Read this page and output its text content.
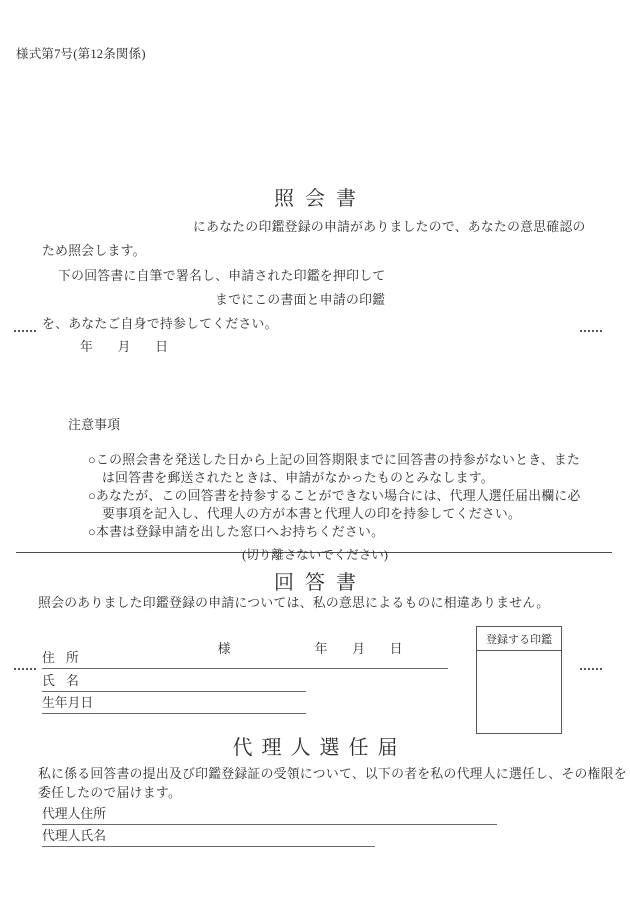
様式第7号(第12条関係)
照会書
にあなたの印鑑登録の申請がありましたので、あなたの意思確認の
ため照会します。
下の回答書に自筆で署名し、申請された印鑑を押印して
までにこの書面と申請の印鑑
を、あなたご自身で持参してください。
年　月　日
注意事項

○この照会書を発送した日から上記の回答期限までに回答書の持参がないとき、また

は回答書を郵送されたときは、申請がなかったものとみなします。

○あなたが、この回答書を持参することができない場合には、代理人選任届出欄に必

要事項を記入し、代理人の方が本書と代理人の印を持参してください。

○本書は登録申請を出した窓口へお持ちください。

(切り離さないでください)
回答書
照会のありました印鑑登録の申請については、私の意思によるものに相違ありません。

様	年　月　日

住 所
氏 名
生年月日
登録する印鑑
代理人選任届
私に係る回答書の提出及び印鑑登録証の受領について、以下の者を私の代理人に選任し、その権限を
委任したので届けます。
代理人住所
代理人氏名
